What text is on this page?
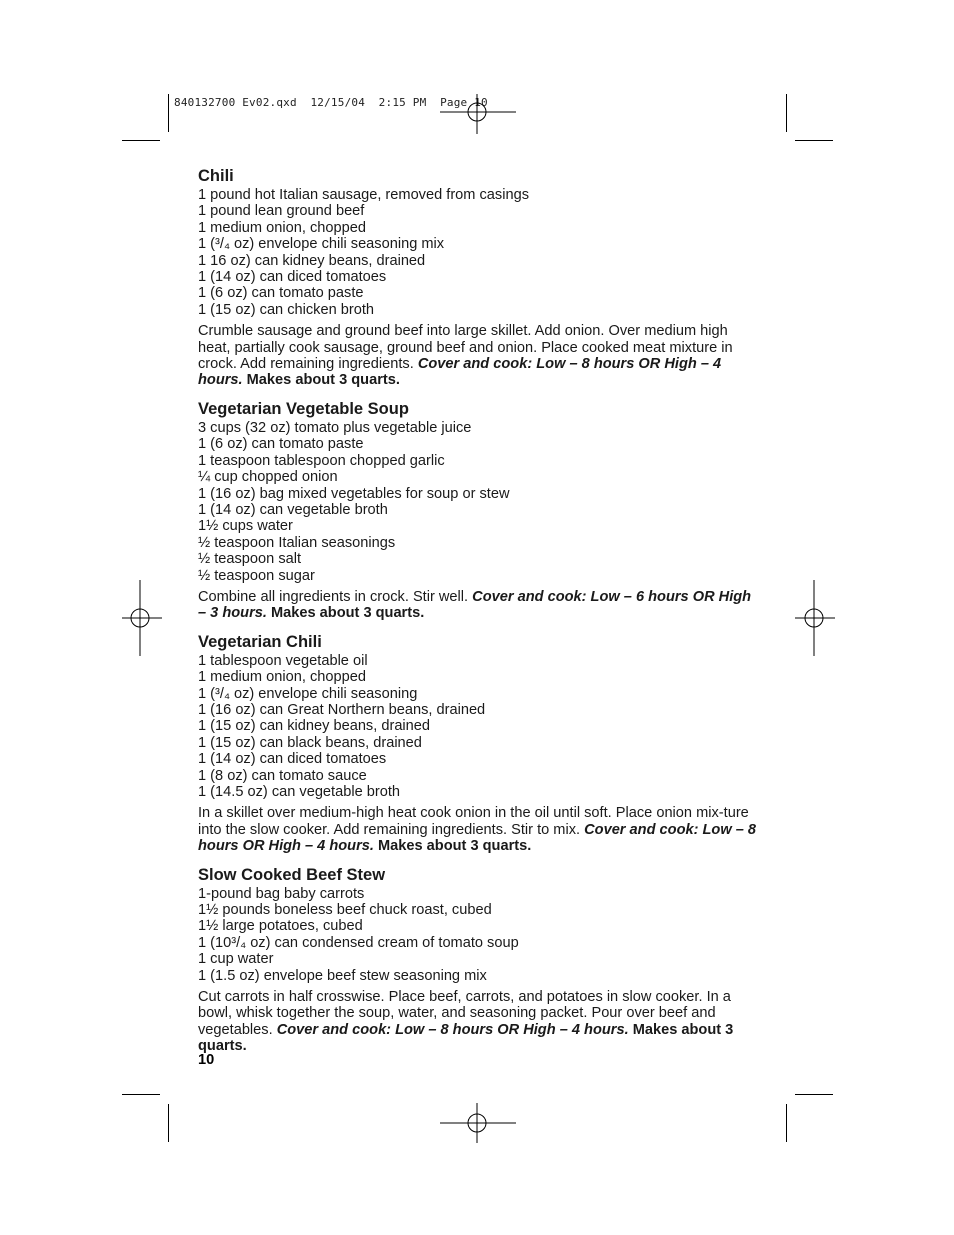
840132700 Ev02.qxd  12/15/04  2:15 PM  Page 10
Chili
1 pound hot Italian sausage, removed from casings
1 pound lean ground beef
1 medium onion, chopped
1 (³/₄ oz) envelope chili seasoning mix
1 16 oz) can kidney beans, drained
1 (14 oz) can diced tomatoes
1 (6 oz) can tomato paste
1 (15 oz) can chicken broth

Crumble sausage and ground beef into large skillet. Add onion. Over medium high heat, partially cook sausage, ground beef and onion. Place cooked meat mixture in crock. Add remaining ingredients. Cover and cook: Low – 8 hours OR High – 4 hours. Makes about 3 quarts.

Vegetarian Vegetable Soup
3 cups (32 oz) tomato plus vegetable juice
1 (6 oz) can tomato paste
1 teaspoon tablespoon chopped garlic
¼ cup chopped onion
1 (16 oz) bag mixed vegetables for soup or stew
1 (14 oz) can vegetable broth
1½ cups water
½ teaspoon Italian seasonings
½ teaspoon salt
½ teaspoon sugar

Combine all ingredients in crock. Stir well. Cover and cook: Low – 6 hours OR High – 3 hours. Makes about 3 quarts.

Vegetarian Chili
1 tablespoon vegetable oil
1 medium onion, chopped
1 (³/₄ oz) envelope chili seasoning
1 (16 oz) can Great Northern beans, drained
1 (15 oz) can kidney beans, drained
1 (15 oz) can black beans, drained
1 (14 oz) can diced tomatoes
1 (8 oz) can tomato sauce
1 (14.5 oz) can vegetable broth

In a skillet over medium-high heat cook onion in the oil until soft. Place onion mix-ture into the slow cooker. Add remaining ingredients. Stir to mix. Cover and cook: Low – 8 hours OR High – 4 hours. Makes about 3 quarts.

Slow Cooked Beef Stew
1-pound bag baby carrots
1½ pounds boneless beef chuck roast, cubed
1½ large potatoes, cubed
1 (10³/₄ oz) can condensed cream of tomato soup
1 cup water
1 (1.5 oz) envelope beef stew seasoning mix

Cut carrots in half crosswise. Place beef, carrots, and potatoes in slow cooker. In a bowl, whisk together the soup, water, and seasoning packet. Pour over beef and vegetables. Cover and cook: Low – 8 hours OR High – 4 hours. Makes about 3 quarts.

10
